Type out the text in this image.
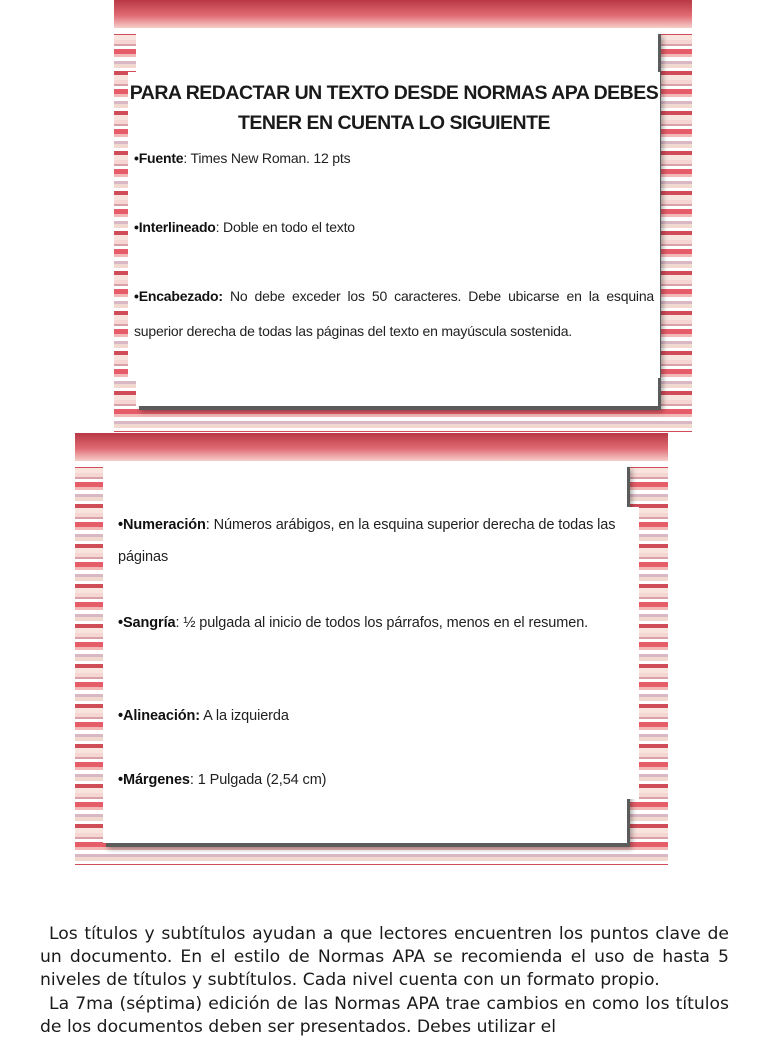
PARA REDACTAR UN TEXTO DESDE NORMAS APA DEBES
TENER EN CUENTA LO SIGUIENTE

•Fuente: Times New Roman. 12 pts

•Interlineado: Doble en todo el texto

•Encabezado: No debe exceder los 50 caracteres. Debe ubicarse en la esquina superior derecha de todas las páginas del texto en mayúscula sostenida.

•Numeración: Números arábigos, en la esquina superior derecha de todas las páginas

•Sangría: ½ pulgada al inicio de todos los párrafos, menos en el resumen.

•Alineación: A la izquierda

•Márgenes: 1 Pulgada (2,54 cm)

Los títulos y subtítulos ayudan a que lectores encuentren los puntos clave de un documento. En el estilo de Normas APA se recomienda el uso de hasta 5 niveles de títulos y subtítulos. Cada nivel cuenta con un formato propio.

La 7ma (séptima) edición de las Normas APA trae cambios en como los títulos de los documentos deben ser presentados. Debes utilizar el
